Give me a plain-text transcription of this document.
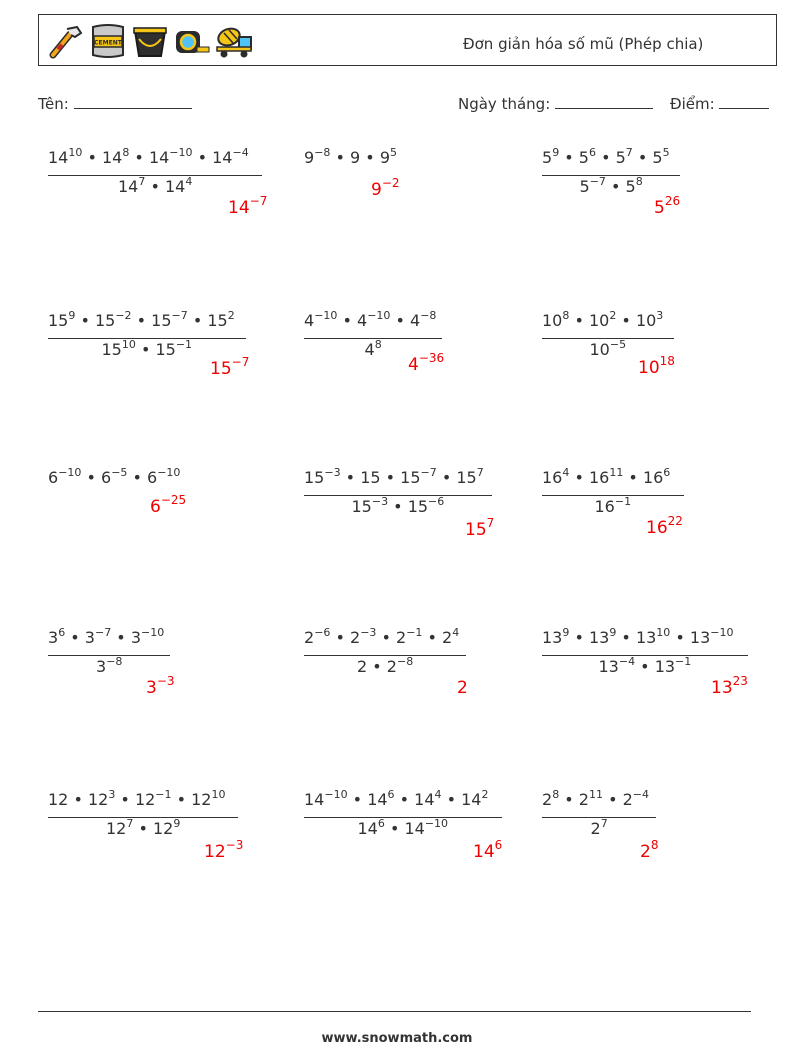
CEMENT	Đơn giản hóa số mũ (Phép chia)
Tên:	Ngày tháng:	Điểm:
$14^{10}$ • $14^8$ • $14^{-10}$ • $14^{-4}$
$14^7$ • $14^4$
$14^{-7}$
$9^{-8}$ • 9 • $9^5$
$9^{-2}$
$5^9$ • $5^6$ • $5^7$ • $5^5$
$5^{-7}$ • $5^8$
$5^{26}$
$15^9$ • $15^{-2}$ • $15^{-7}$ • $15^2$
$15^{10}$ • $15^{-1}$
$15^{-7}$
$4^{-10}$ • $4^{-10}$ • $4^{-8}$
$4^8$
$4^{-36}$
$10^8$ • $10^2$ • $10^3$
$10^{-5}$
$10^{18}$
$6^{-10}$ • $6^{-5}$ • $6^{-10}$
$6^{-25}$
$15^{-3}$ • 15 • $15^{-7}$ • $15^7$
$15^{-3}$ • $15^{-6}$
$15^7$
$16^4$ • $16^{11}$ • $16^6$
$16^{-1}$
$16^{22}$
$3^6$ • $3^{-7}$ • $3^{-10}$
$3^{-8}$
$3^{-3}$
$2^{-6}$ • $2^{-3}$ • $2^{-1}$ • $2^4$
2 • $2^{-8}$
2
$13^9$ • $13^9$ • $13^{10}$ • $13^{-10}$
$13^{-4}$ • $13^{-1}$
$13^{23}$
12 • $12^3$ • $12^{-1}$ • $12^{10}$
$12^7$ • $12^9$
$12^{-3}$
$14^{-10}$ • $14^6$ • $14^4$ • $14^2$
$14^6$ • $14^{-10}$
$14^6$
$2^8$ • $2^{11}$ • $2^{-4}$
$2^7$
$2^8$
www.snowmath.com
